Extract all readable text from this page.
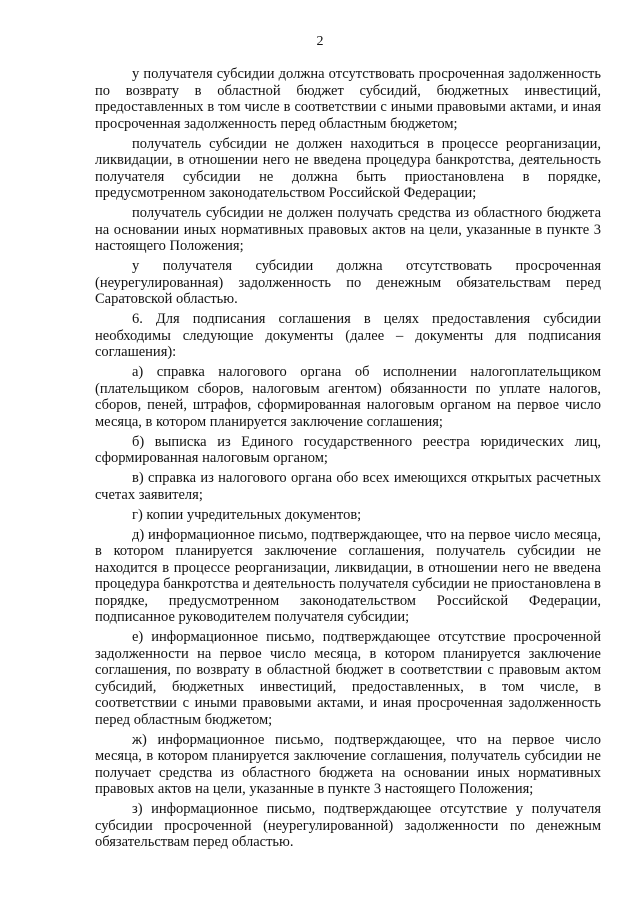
2

у получателя субсидии должна отсутствовать просроченная задолженность по возврату в областной бюджет субсидий, бюджетных инвестиций, предоставленных в том числе в соответствии с иными правовыми актами, и иная просроченная задолженность перед областным бюджетом;

получатель субсидии не должен находиться в процессе реорганизации, ликвидации, в отношении него не введена процедура банкротства, деятельность получателя субсидии не должна быть приостановлена в порядке, предусмотренном законодательством Российской Федерации;

получатель субсидии не должен получать средства из областного бюджета на основании иных нормативных правовых актов на цели, указанные в пункте 3 настоящего Положения;

у получателя субсидии должна отсутствовать просроченная (неурегулированная) задолженность по денежным обязательствам перед Саратовской областью.

6. Для подписания соглашения в целях предоставления субсидии необходимы следующие документы (далее – документы для подписания соглашения):

а) справка налогового органа об исполнении налогоплательщиком (плательщиком сборов, налоговым агентом) обязанности по уплате налогов, сборов, пеней, штрафов, сформированная налоговым органом на первое число месяца, в котором планируется заключение соглашения;

б) выписка из Единого государственного реестра юридических лиц, сформированная налоговым органом;

в) справка из налогового органа обо всех имеющихся открытых расчетных счетах заявителя;

г) копии учредительных документов;

д) информационное письмо, подтверждающее, что на первое число месяца, в котором планируется заключение соглашения, получатель субсидии не находится в процессе реорганизации, ликвидации, в отношении него не введена процедура банкротства и деятельность получателя субсидии не приостановлена в порядке, предусмотренном законодательством Российской Федерации, подписанное руководителем получателя субсидии;

е) информационное письмо, подтверждающее отсутствие просроченной задолженности на первое число месяца, в котором планируется заключение соглашения, по возврату в областной бюджет в соответствии с правовым актом субсидий, бюджетных инвестиций, предоставленных, в том числе, в соответствии с иными правовыми актами, и иная просроченная задолженность перед областным бюджетом;

ж) информационное письмо, подтверждающее, что на первое число месяца, в котором планируется заключение соглашения, получатель субсидии не получает средства из областного бюджета на основании иных нормативных правовых актов на цели, указанные в пункте 3 настоящего Положения;

з) информационное письмо, подтверждающее отсутствие у получателя субсидии просроченной (неурегулированной) задолженности по денежным обязательствам перед областью.
